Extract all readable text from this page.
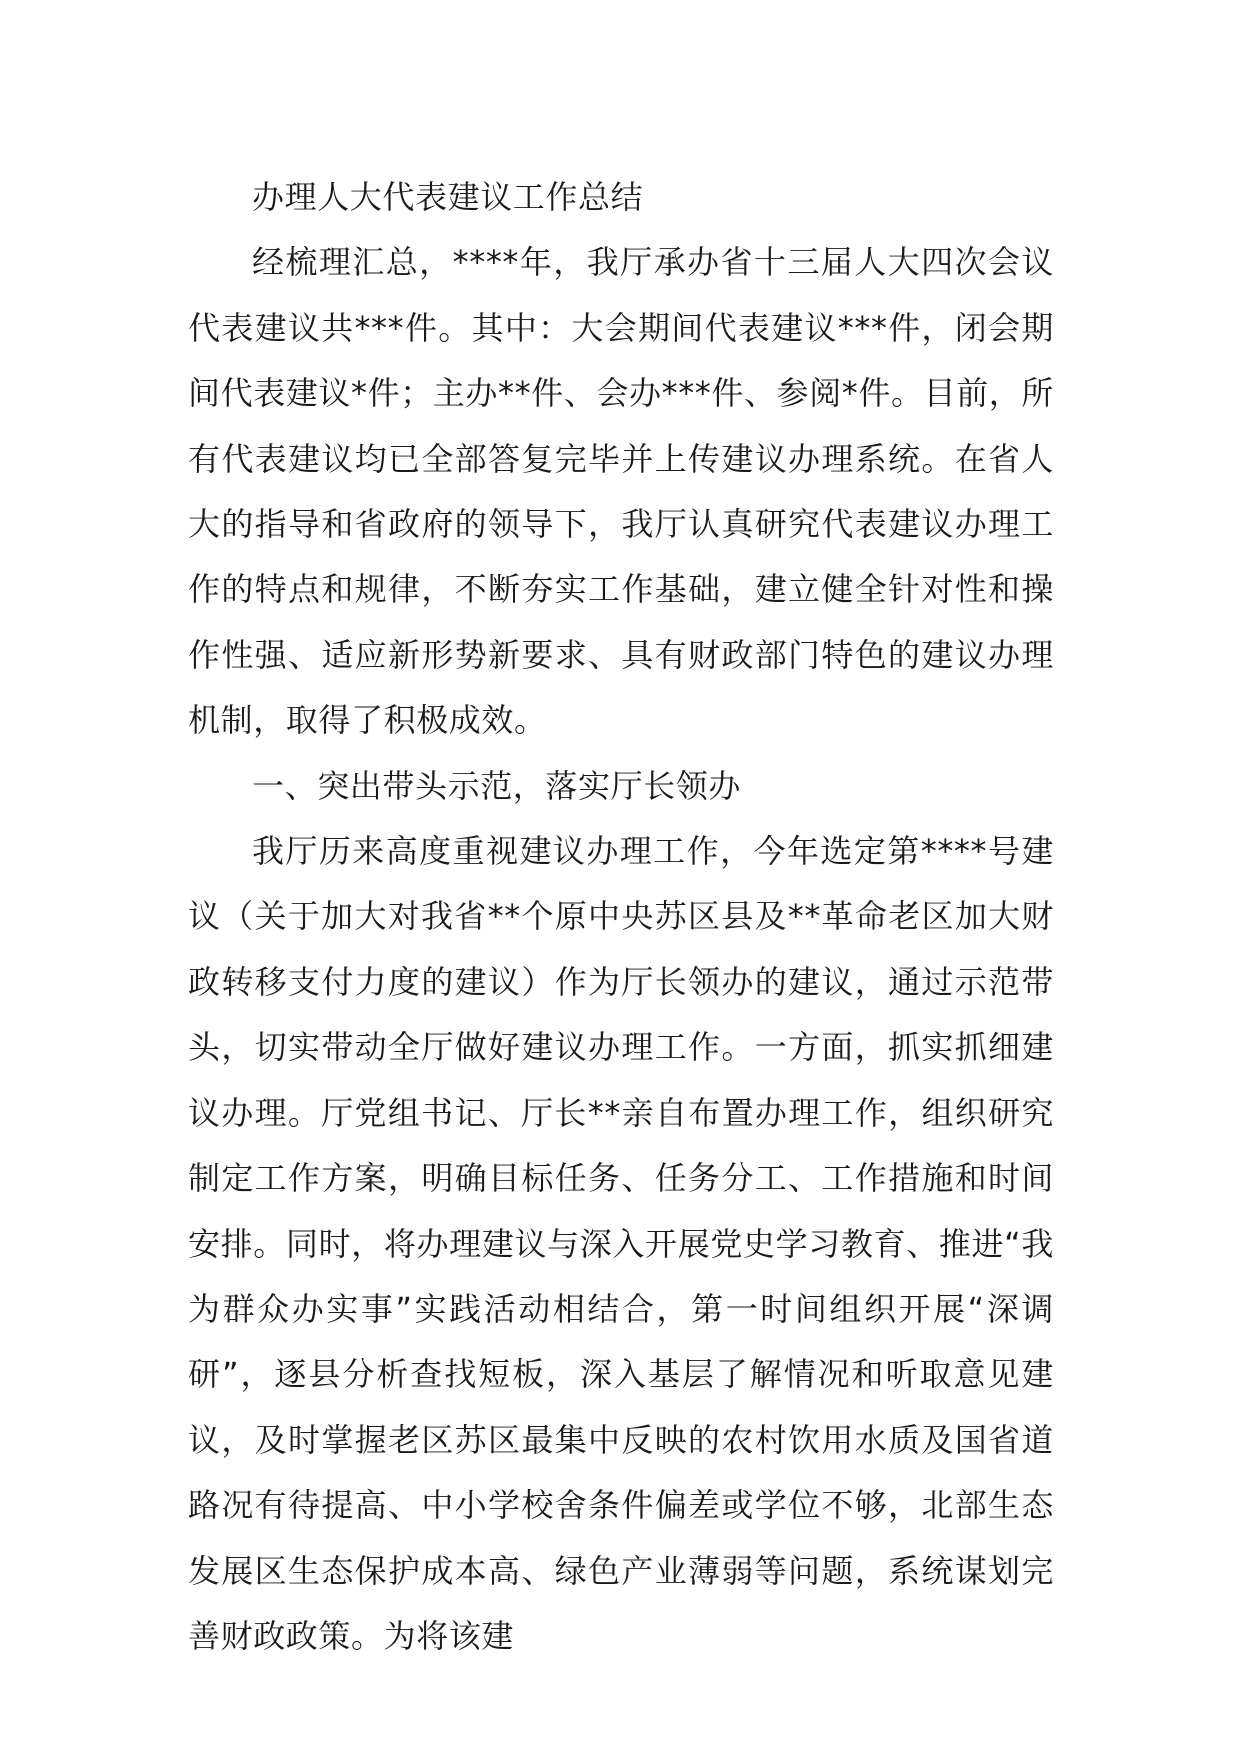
办理人大代表建议工作总结

经梳理汇总，****年，我厅承办省十三届人大四次会议代表建议共***件。其中：大会期间代表建议***件，闭会期间代表建议*件；主办**件、会办***件、参阅*件。目前，所有代表建议均已全部答复完毕并上传建议办理系统。在省人大的指导和省政府的领导下，我厅认真研究代表建议办理工作的特点和规律，不断夯实工作基础，建立健全针对性和操作性强、适应新形势新要求、具有财政部门特色的建议办理机制，取得了积极成效。

一、突出带头示范，落实厅长领办

我厅历来高度重视建议办理工作，今年选定第****号建议（关于加大对我省**个原中央苏区县及**革命老区加大财政转移支付力度的建议）作为厅长领办的建议，通过示范带头，切实带动全厅做好建议办理工作。一方面，抓实抓细建议办理。厅党组书记、厅长**亲自布置办理工作，组织研究制定工作方案，明确目标任务、任务分工、工作措施和时间安排。同时，将办理建议与深入开展党史学习教育、推进“我为群众办实事”实践活动相结合，第一时间组织开展“深调研”，逐县分析查找短板，深入基层了解情况和听取意见建议，及时掌握老区苏区最集中反映的农村饮用水质及国省道路况有待提高、中小学校舍条件偏差或学位不够，北部生态发展区生态保护成本高、绿色产业薄弱等问题，系统谋划完善财政政策。为将该建
